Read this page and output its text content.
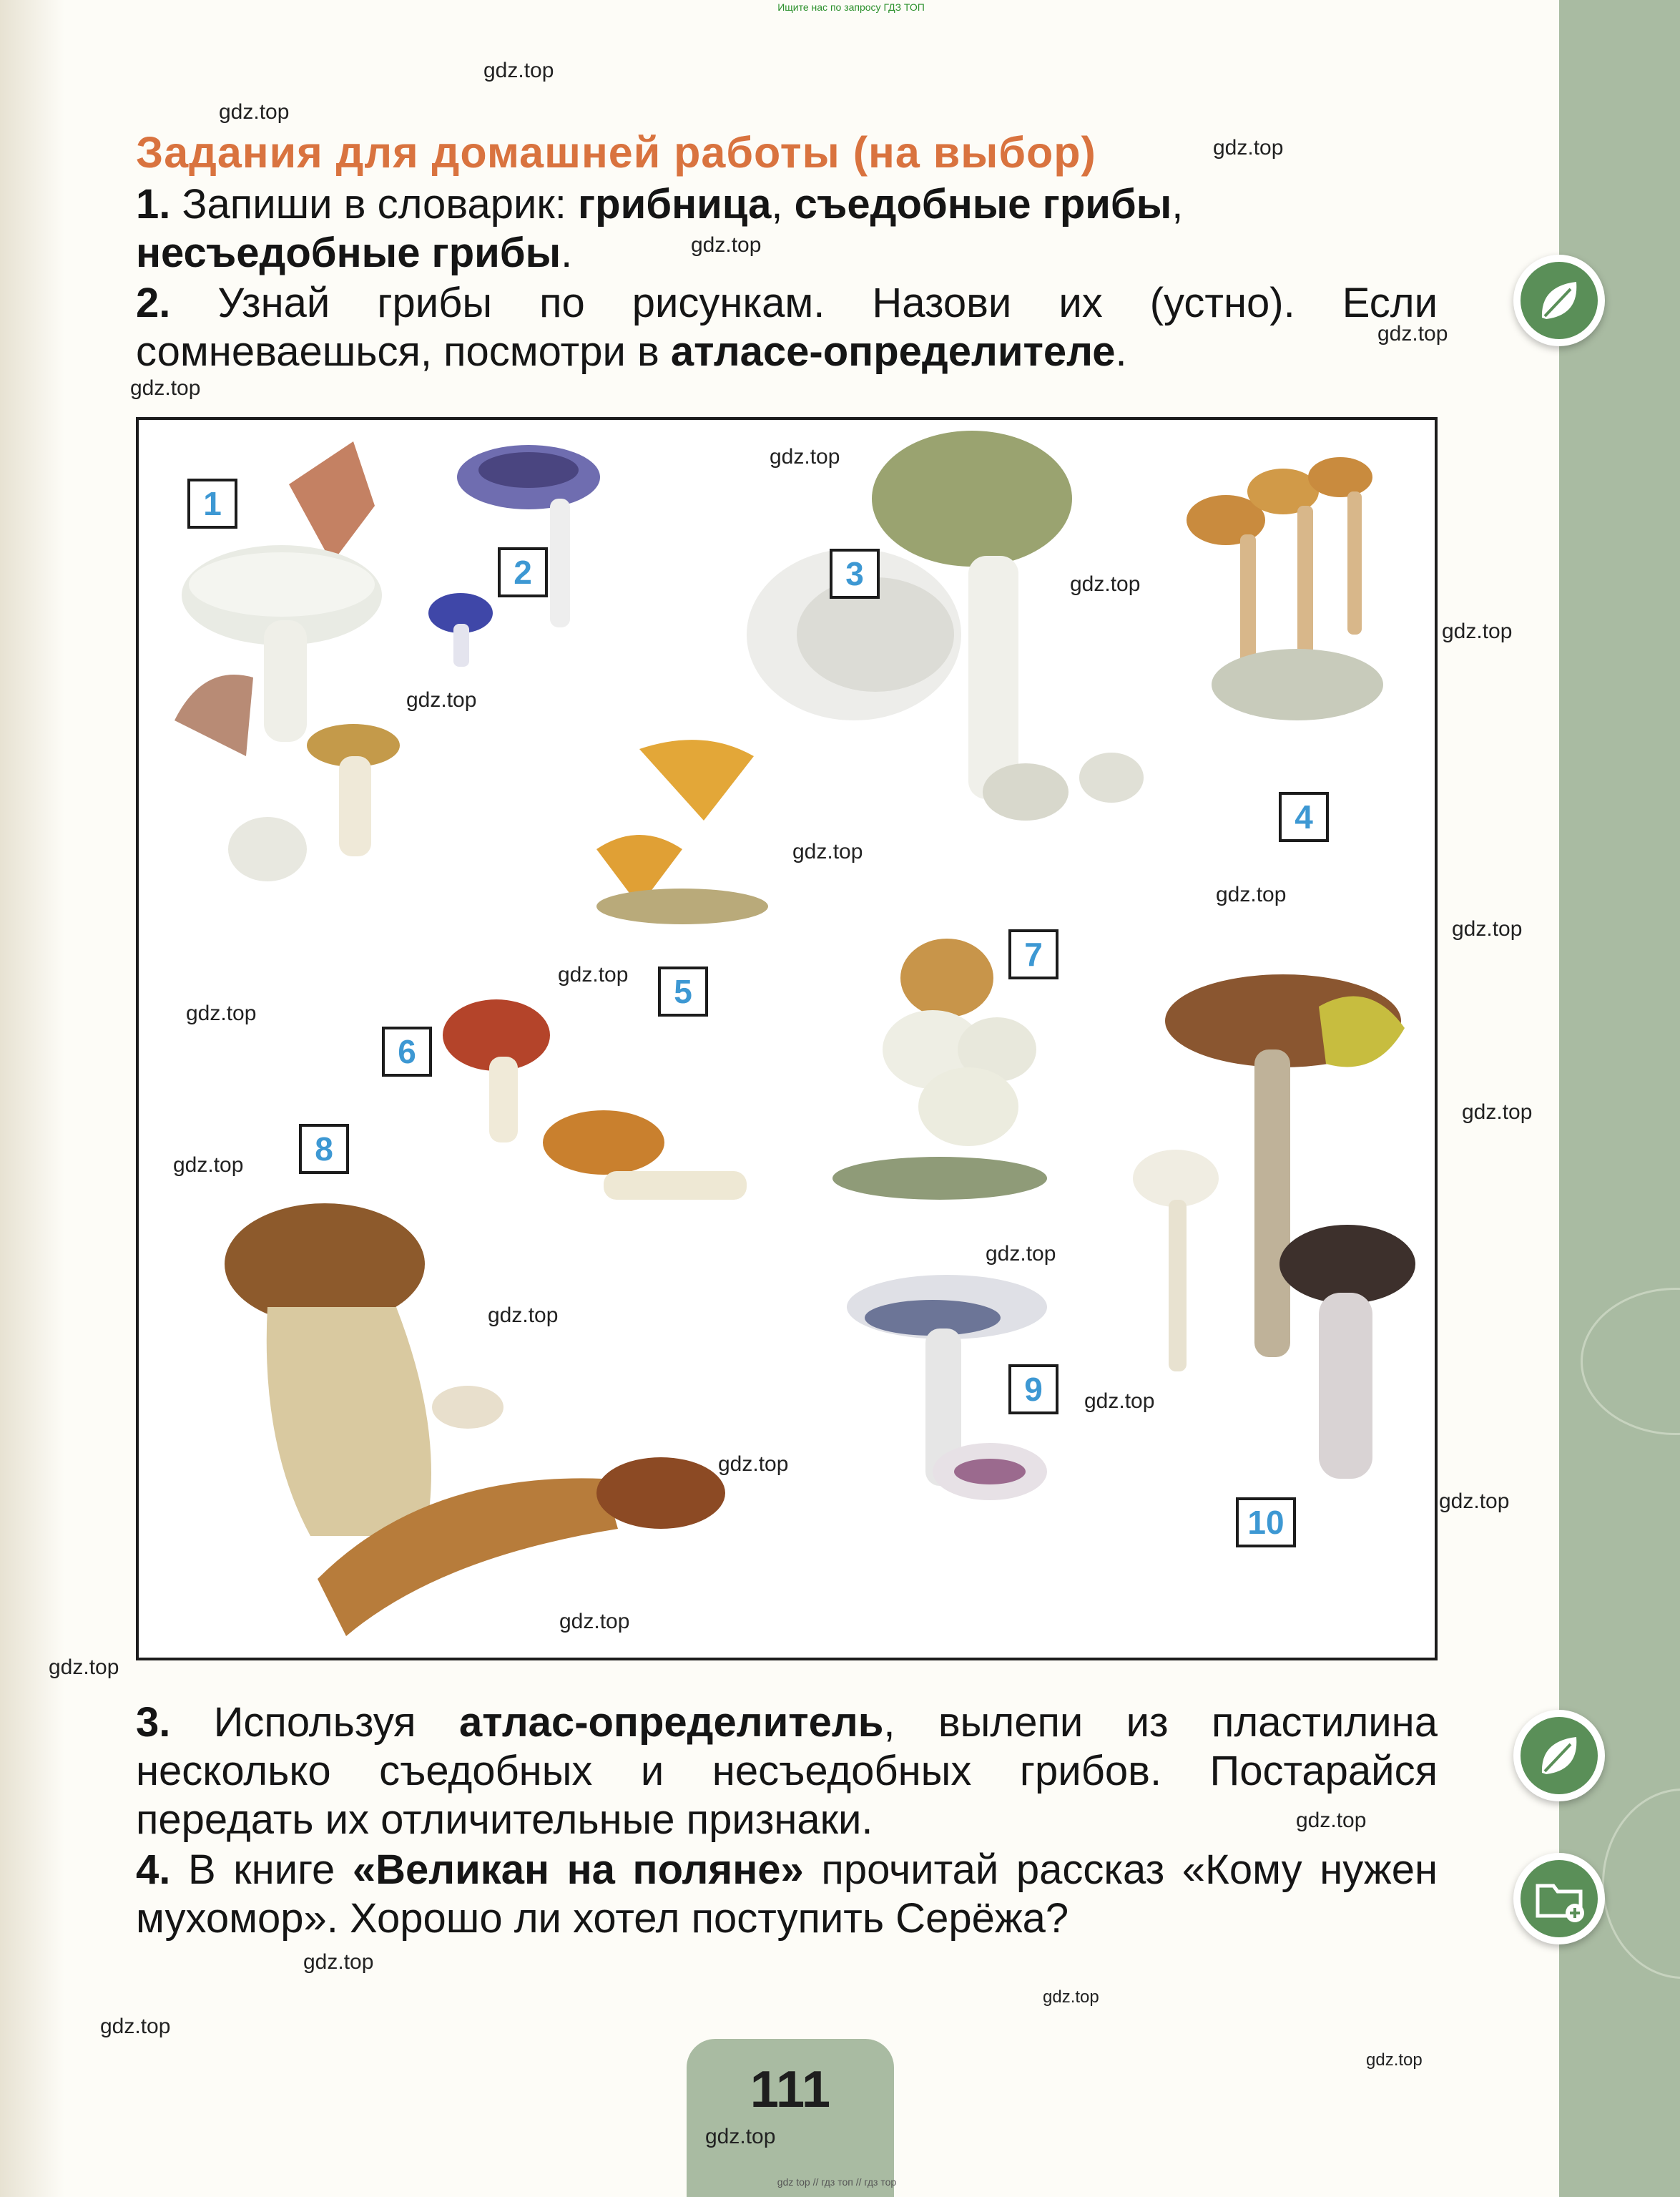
Ищите нас по запросу ГДЗ ТОП
Задания для домашней работы (на выбор)
1. Запиши в словарик: грибница, съедобные грибы, несъедобные грибы.
2. Узнай грибы по рисункам. Назови их (устно). Если сомневаешься, посмотри в атласе-определителе.
1
2	3
4
5
6
7
8
9
10
3. Используя атлас-определитель, вылепи из пластилина несколько съедобных и несъедобных грибов. Постарайся передать их отличительные признаки.
4. В книге «Великан на поляне» прочитай рассказ «Кому нужен мухомор». Хорошо ли хотел поступить Серёжа?
111
gdz.top
gdz.top
gdz.top
gdz.top
gdz.top
gdz.top
gdz.top
gdz.top
gdz.top
gdz.top
gdz.top
gdz.top
gdz.top
gdz.top
gdz.top
gdz.top
gdz.top
gdz.top
gdz.top
gdz.top
gdz.top
gdz.top
gdz.top
gdz.top
gdz.top
gdz.top
gdz.top
gdz.top
gdz.top
gdz.top
gdz top // гдз топ // гдз тор
